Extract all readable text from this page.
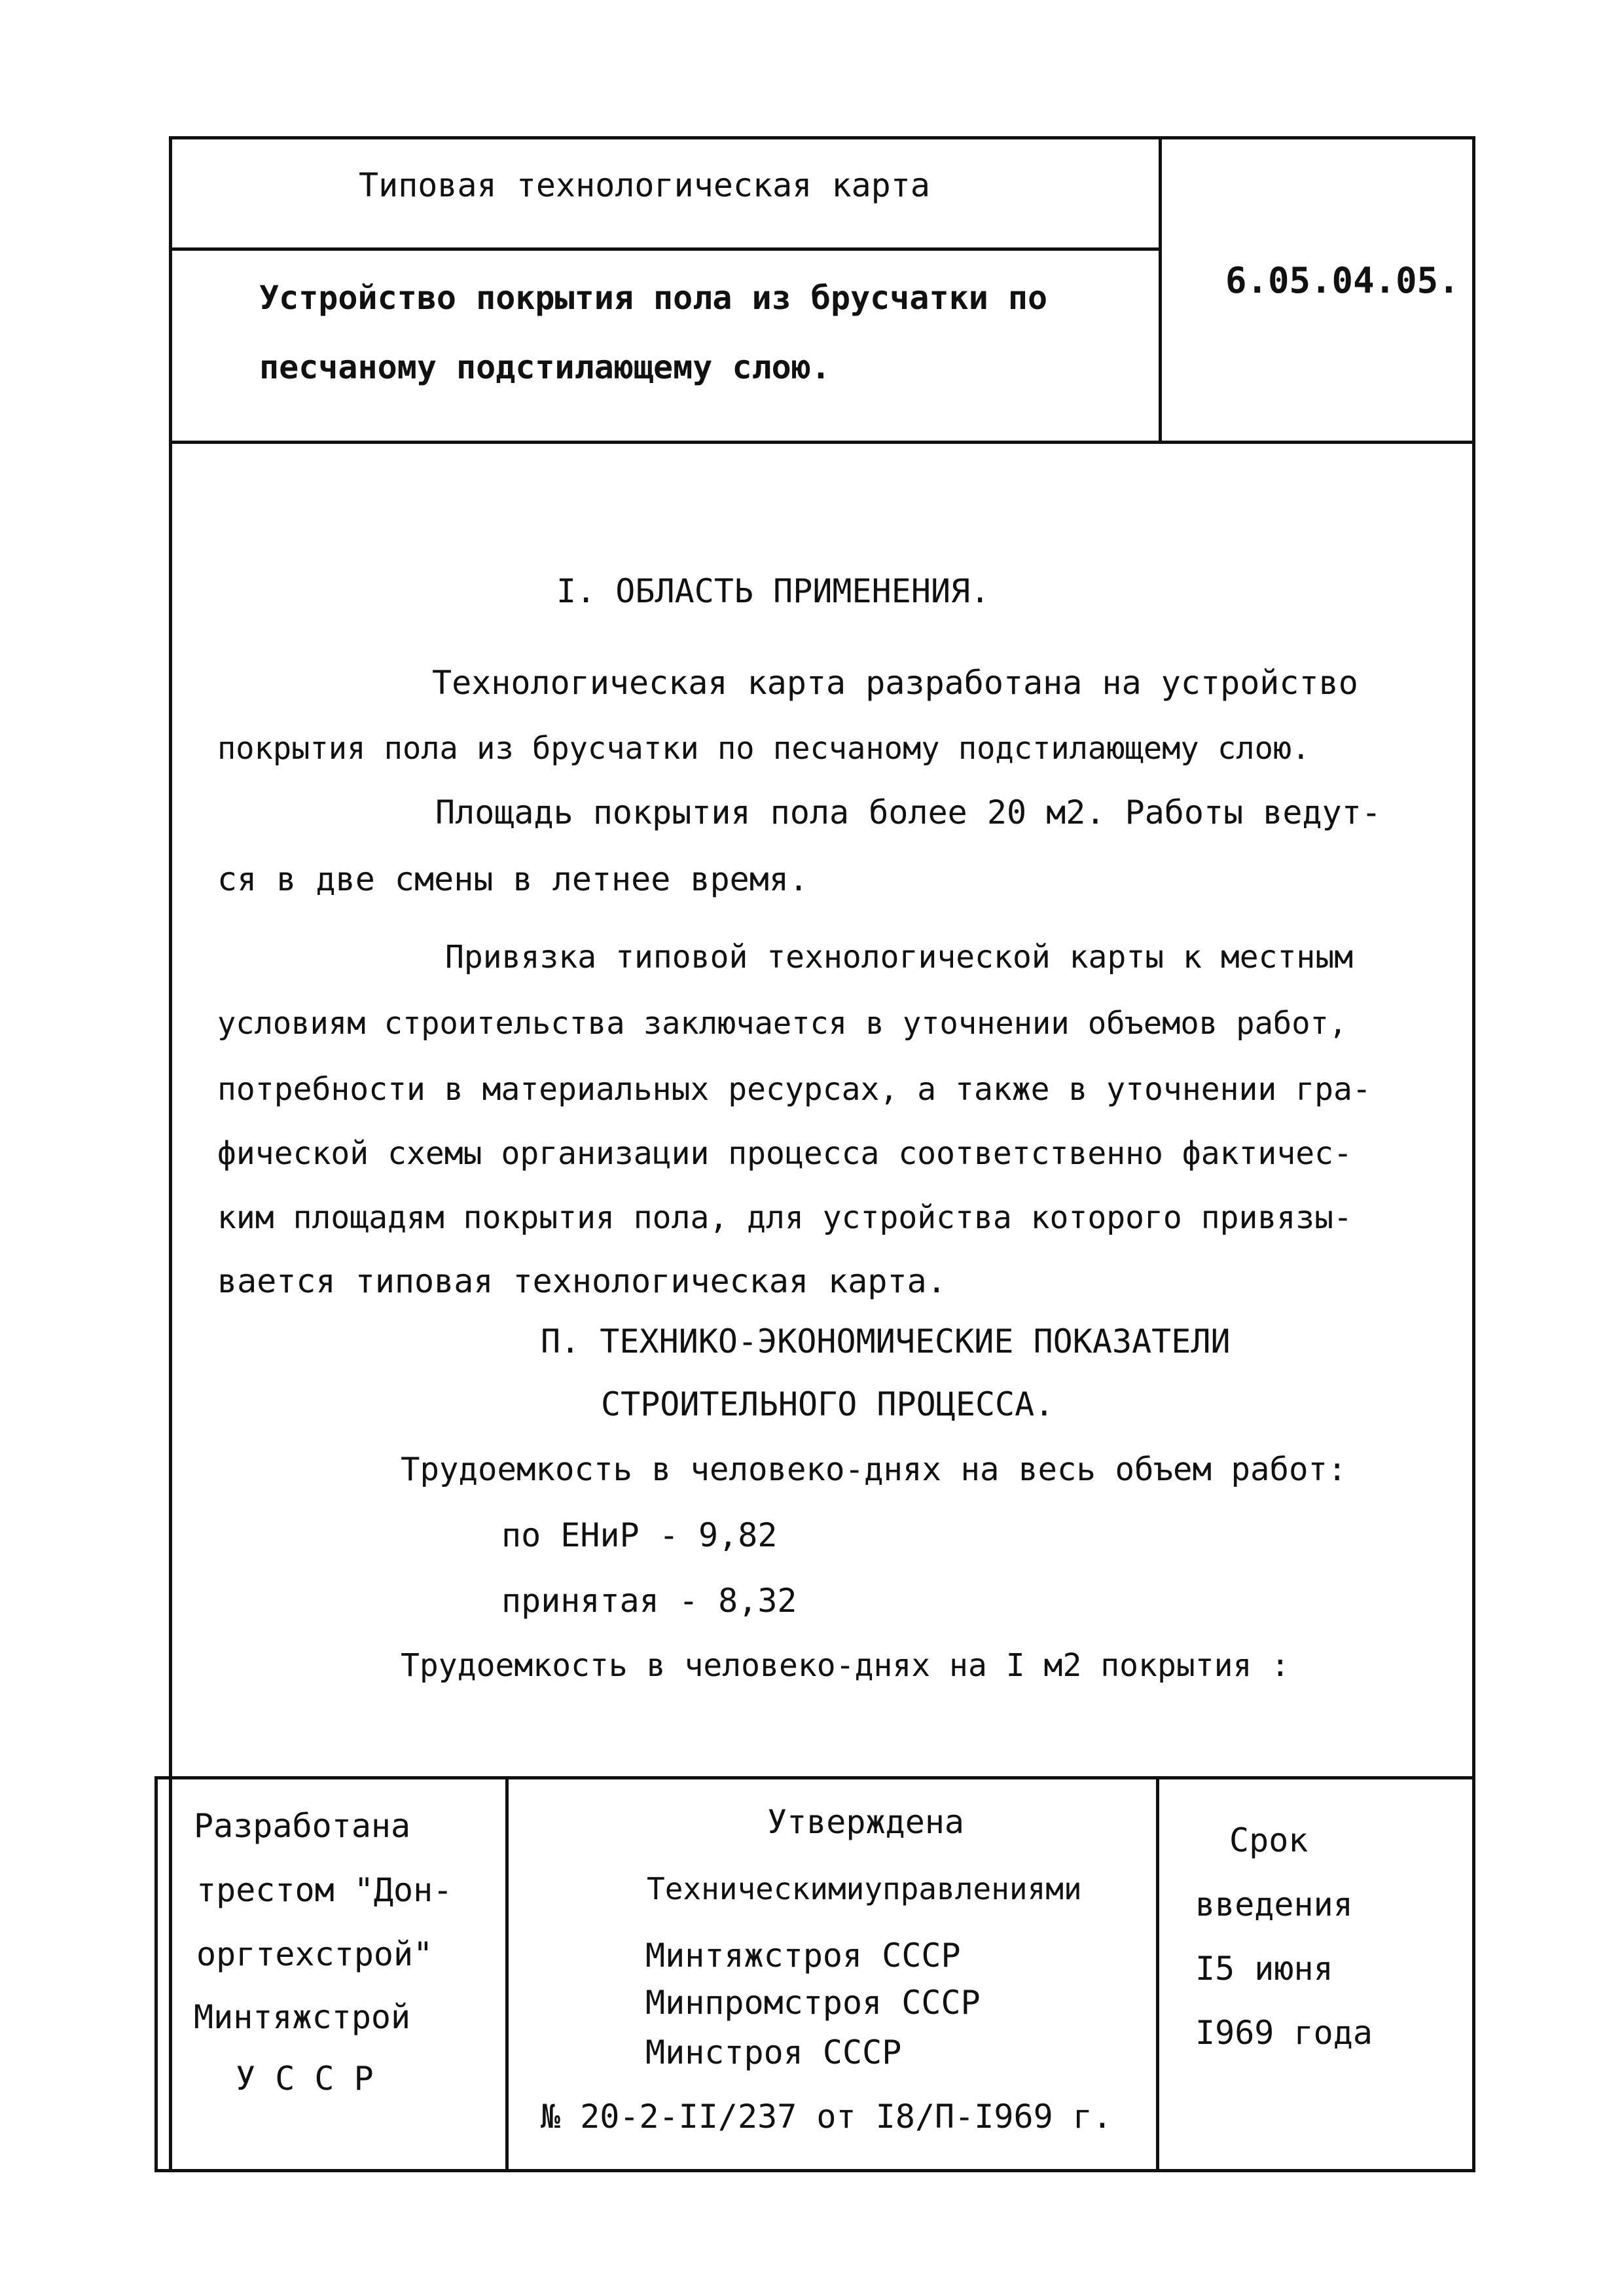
Типовая технологическая карта
Устройство покрытия пола из брусчатки по
песчаному подстилающему слою.
6.05.04.05.
I. ОБЛАСТЬ ПРИМЕНЕНИЯ.
Технологическая карта разработана на устройство
покрытия пола из брусчатки по песчаному подстилающему слою.
Площадь покрытия пола более 20 м2. Работы ведут-
ся в две смены в летнее время.
Привязка типовой технологической карты к местным
условиям строительства заключается в уточнении объемов работ,
потребности в материальных ресурсах, а также в уточнении гра-
фической схемы организации процесса соответственно фактичес-
ким площадям покрытия пола, для устройства которого привязы-
вается типовая технологическая карта.
П. ТЕХНИКО-ЭКОНОМИЧЕСКИЕ ПОКАЗАТЕЛИ
СТРОИТЕЛЬНОГО ПРОЦЕССА.
Трудоемкость в человеко-днях на весь объем работ:
по ЕНиР - 9,82
принятая - 8,32
Трудоемкость в человеко-днях на I м2 покрытия :
Разработана
трестом "Дон-
оргтехстрой"
Минтяжстрой
У С С Р
Утверждена
Техническимиуправлениями
Минтяжстроя СССР
Минпромстроя СССР
Минстроя СССР
№ 20-2-II/237 от I8/П-I969 г.
Срок
введения
I5 июня
I969 года
